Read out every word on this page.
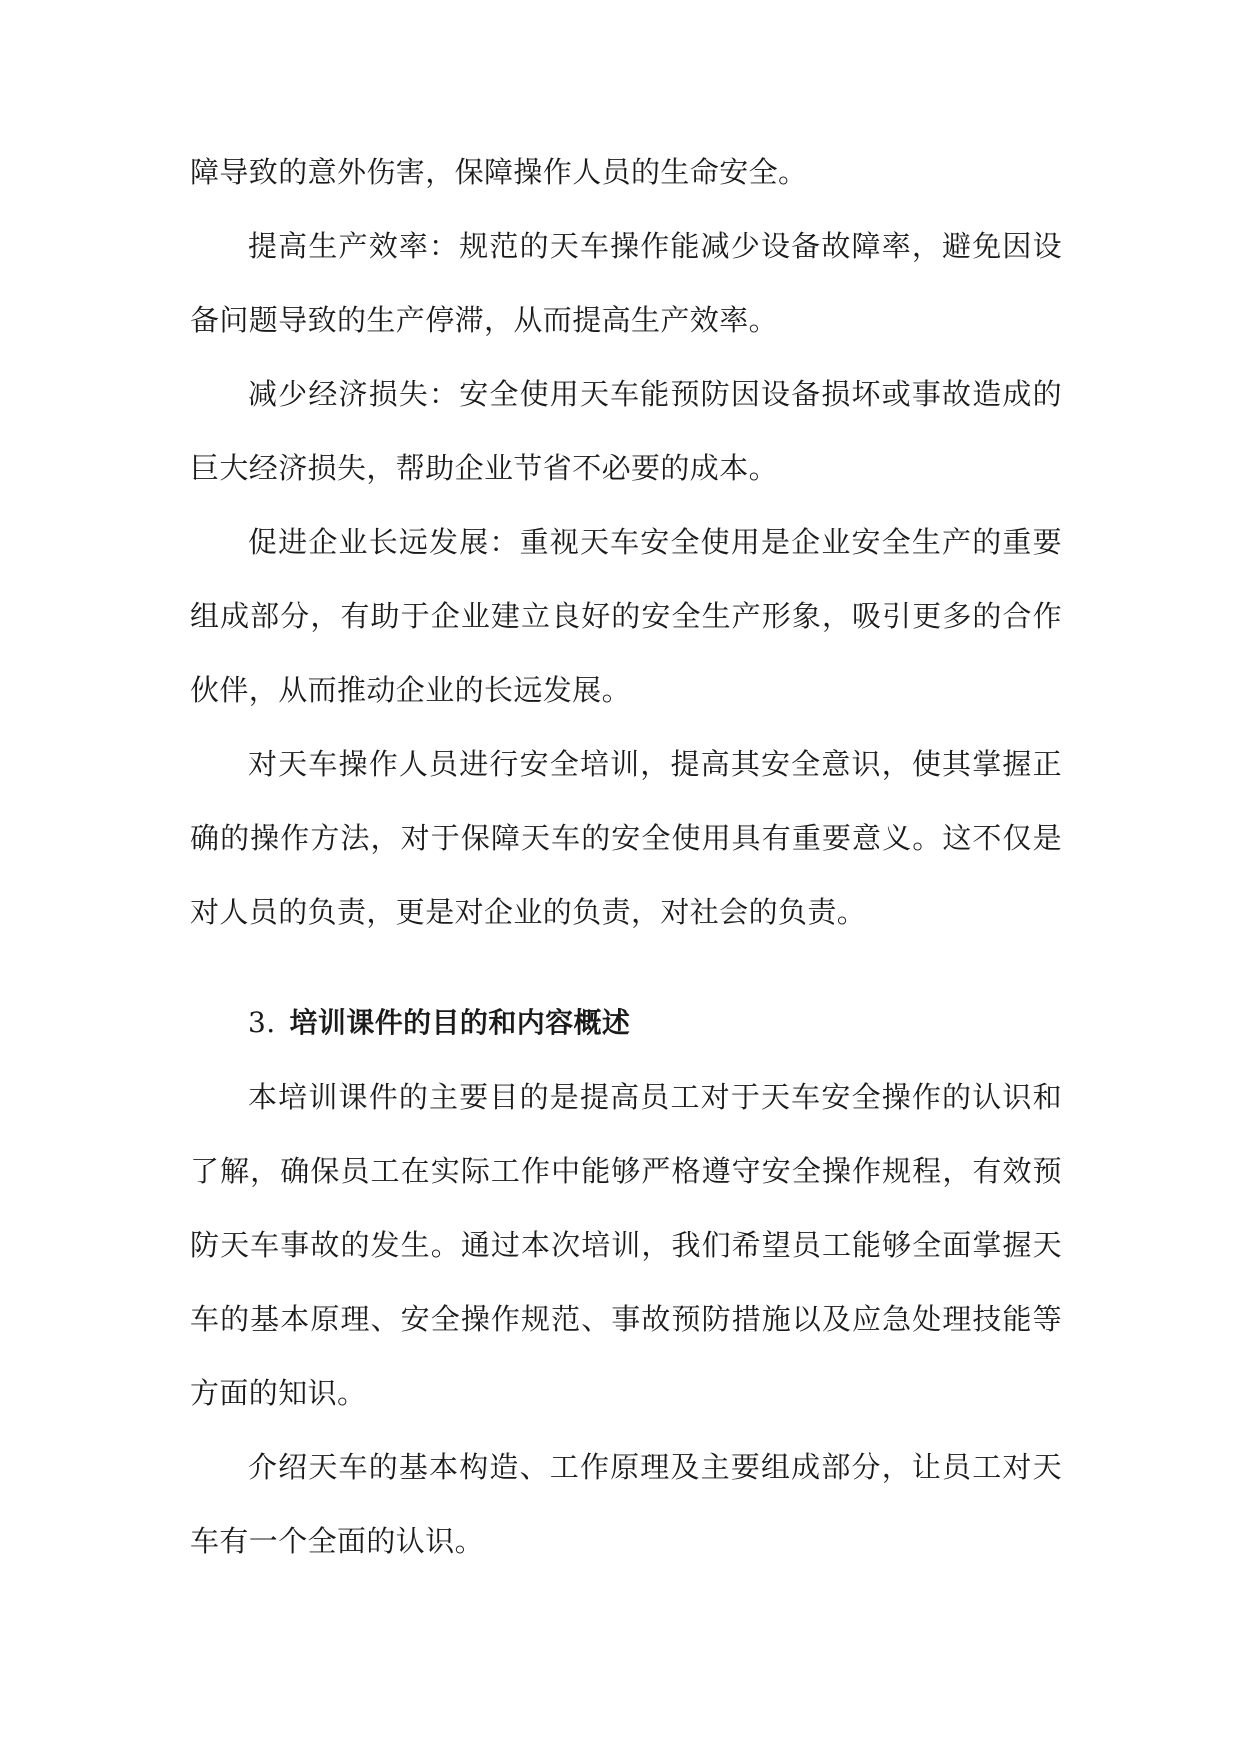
障导致的意外伤害，保障操作人员的生命安全。

提高生产效率：规范的天车操作能减少设备故障率，避免因设备问题导致的生产停滞，从而提高生产效率。

减少经济损失：安全使用天车能预防因设备损坏或事故造成的巨大经济损失，帮助企业节省不必要的成本。

促进企业长远发展：重视天车安全使用是企业安全生产的重要组成部分，有助于企业建立良好的安全生产形象，吸引更多的合作伙伴，从而推动企业的长远发展。

对天车操作人员进行安全培训，提高其安全意识，使其掌握正确的操作方法，对于保障天车的安全使用具有重要意义。这不仅是对人员的负责，更是对企业的负责，对社会的负责。

3. 培训课件的目的和内容概述

本培训课件的主要目的是提高员工对于天车安全操作的认识和了解，确保员工在实际工作中能够严格遵守安全操作规程，有效预防天车事故的发生。通过本次培训，我们希望员工能够全面掌握天车的基本原理、安全操作规范、事故预防措施以及应急处理技能等方面的知识。

介绍天车的基本构造、工作原理及主要组成部分，让员工对天车有一个全面的认识。
